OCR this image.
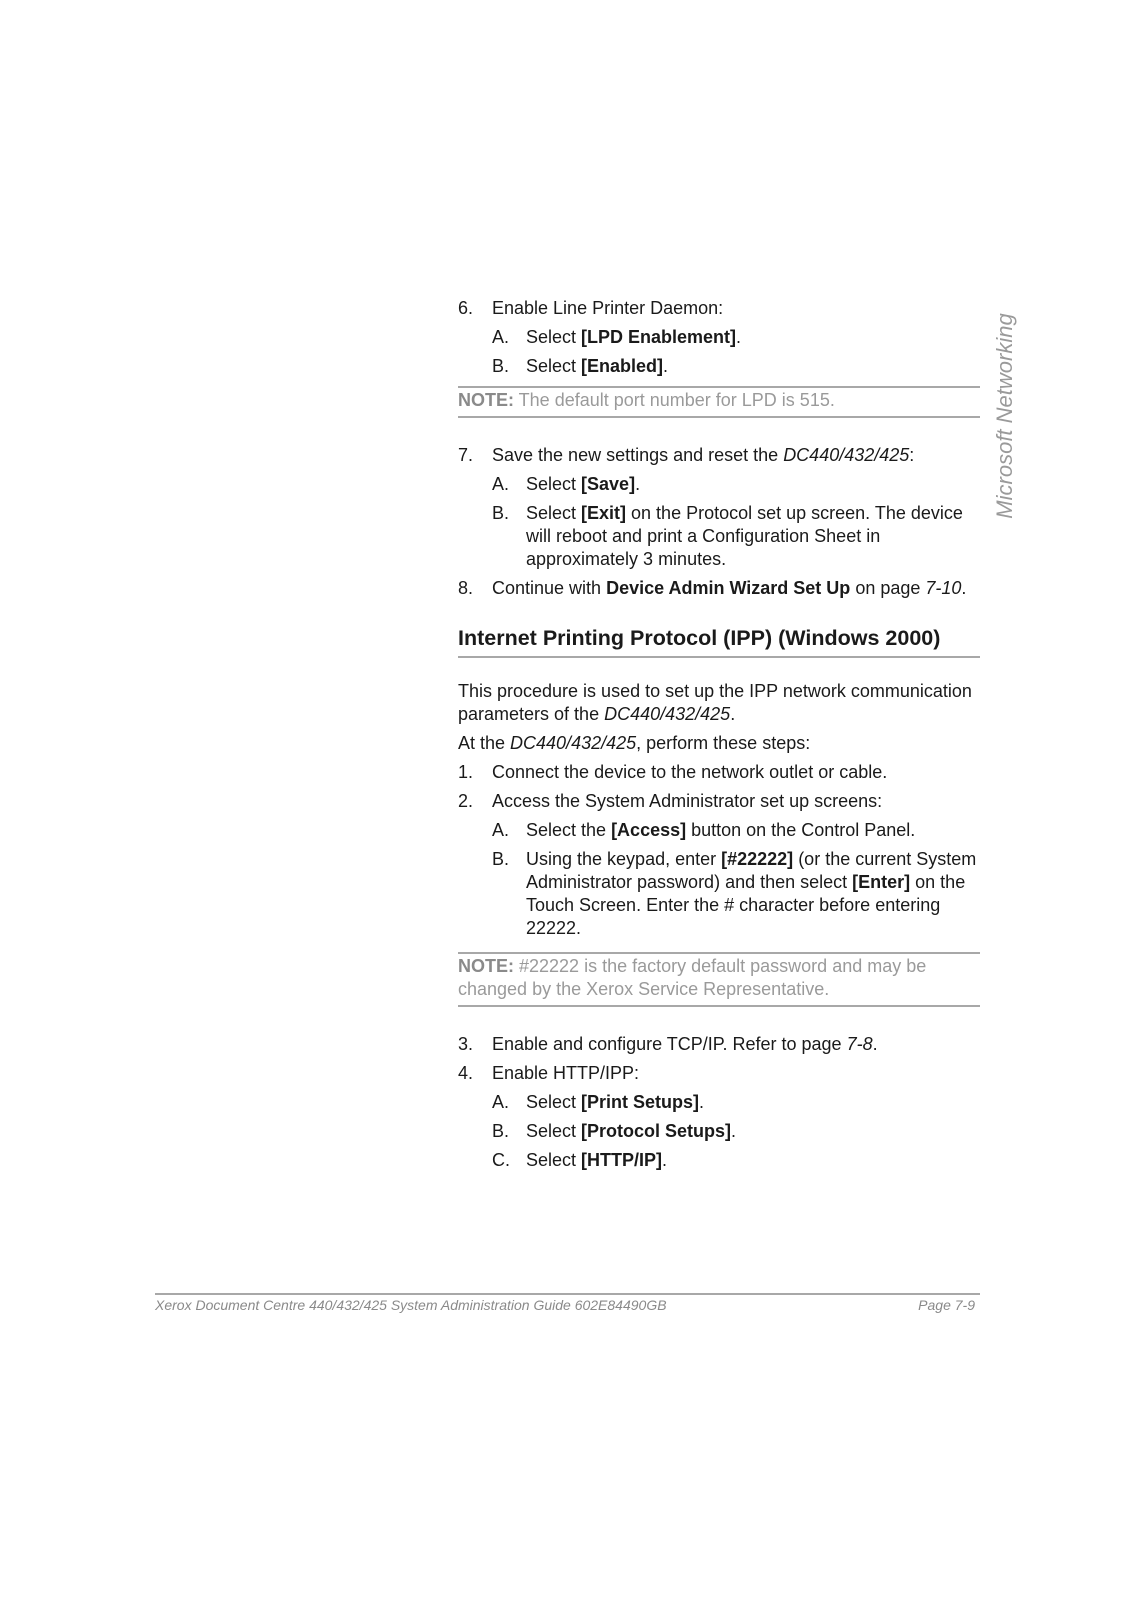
Microsoft Networking
6.	Enable Line Printer Daemon:
A. Select [LPD Enablement].
B. Select [Enabled].
NOTE: The default port number for LPD is 515.
7.	Save the new settings and reset the DC440/432/425:
A. Select [Save].
B. Select [Exit] on the Protocol set up screen. The device will reboot and print a Configuration Sheet in approximately 3 minutes.
8.	Continue with Device Admin Wizard Set Up on page 7-10.
Internet Printing Protocol (IPP) (Windows 2000)

This procedure is used to set up the IPP network communication parameters of the DC440/432/425.

At the DC440/432/425, perform these steps:

1.	Connect the device to the network outlet or cable.
2.	Access the System Administrator set up screens:
A. Select the [Access] button on the Control Panel.
B. Using the keypad, enter [#22222] (or the current System Administrator password) and then select [Enter] on the Touch Screen. Enter the # character before entering 22222.
NOTE: #22222 is the factory default password and may be changed by the Xerox Service Representative.
3.	Enable and configure TCP/IP. Refer to page 7-8.
4.	Enable HTTP/IPP:
A. Select [Print Setups].
B. Select [Protocol Setups].
C. Select [HTTP/IP].
Xerox Document Centre 440/432/425 System Administration Guide 602E84490GB	Page 7-9
